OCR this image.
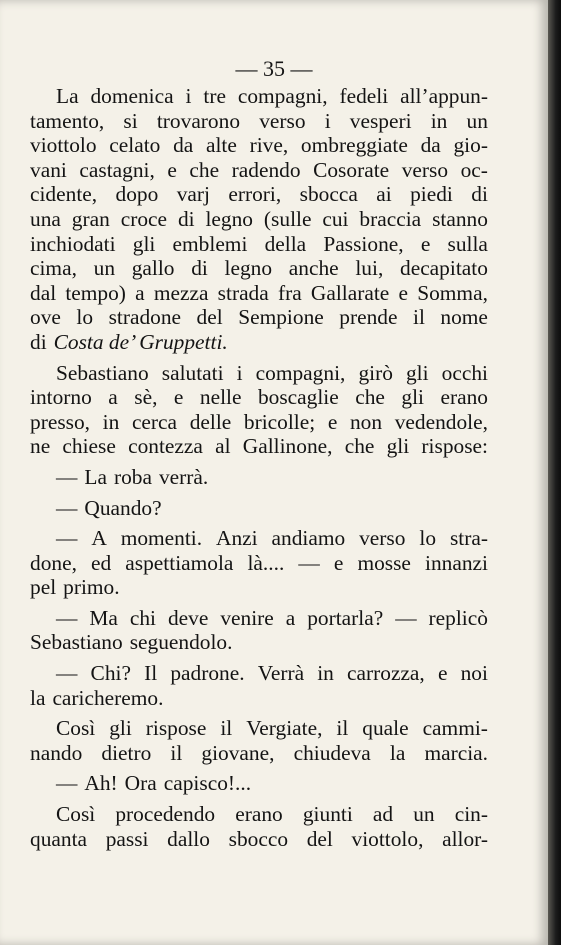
— 35 —
La domenica i tre compagni, fedeli all’appun-
tamento, si trovarono verso i vesperi in un
viottolo celato da alte rive, ombreggiate da gio-
vani castagni, e che radendo Cosorate verso oc-
cidente, dopo varj errori, sbocca ai piedi di
una gran croce di legno (sulle cui braccia stanno
inchiodati gli emblemi della Passione, e sulla
cima, un gallo di legno anche lui, decapitato
dal tempo) a mezza strada fra Gallarate e Somma,
ove lo stradone del Sempione prende il nome
di Costa de’ Gruppetti.
Sebastiano salutati i compagni, girò gli occhi
intorno a sè, e nelle boscaglie che gli erano
presso, in cerca delle bricolle; e non vedendole,
ne chiese contezza al Gallinone, che gli rispose:
— La roba verrà.
— Quando?
— A momenti. Anzi andiamo verso lo stra-
done, ed aspettiamola là.... — e mosse innanzi
pel primo.
— Ma chi deve venire a portarla? — replicò
Sebastiano seguendolo.
— Chi? Il padrone. Verrà in carrozza, e noi
la caricheremo.
Così gli rispose il Vergiate, il quale cammi-
nando dietro il giovane, chiudeva la marcia.
— Ah! Ora capisco!...
Così procedendo erano giunti ad un cin-
quanta passi dallo sbocco del viottolo, allor-
